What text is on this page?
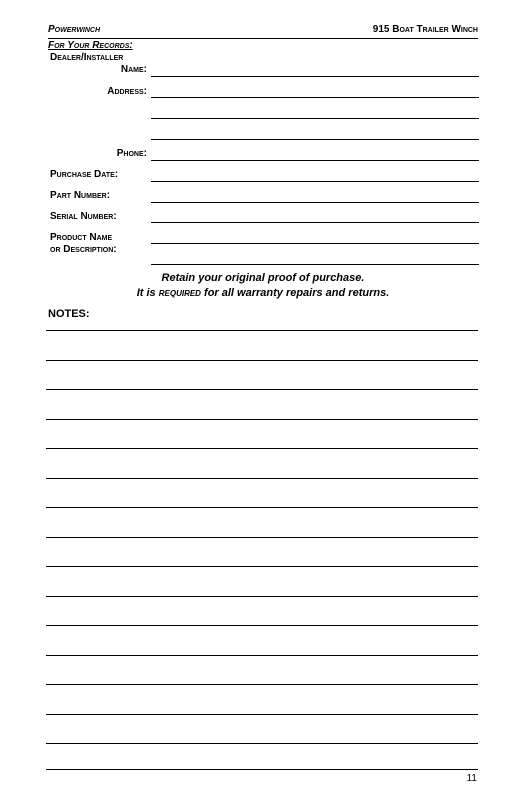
Powerwinch	915 Boat Trailer Winch
For Your Records:
Dealer/Installer
Name:
Address:
Phone:
Purchase Date:
Part Number:
Serial Number:
Product Name
or Description:
Retain your original proof of purchase.
It is required for all warranty repairs and returns.
NOTES:
11
